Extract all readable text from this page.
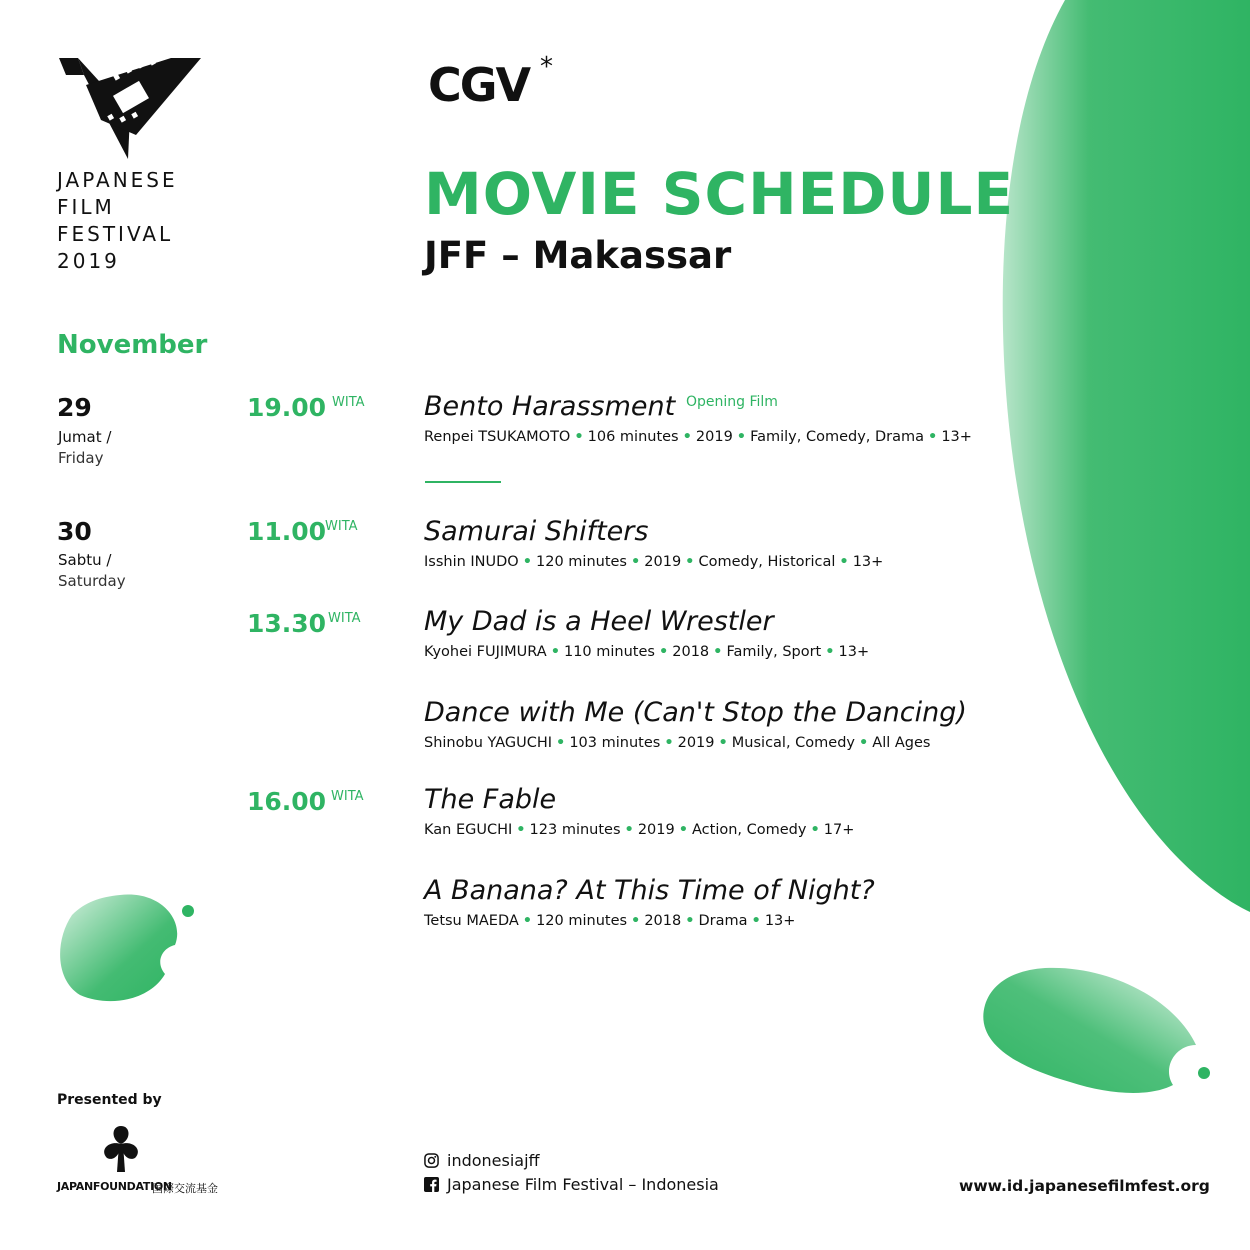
JAPANESE
FILM
FESTIVAL
2019
CGV *
MOVIE SCHEDULE
JFF – Makassar
November
29
Jumat /
Friday
30
Sabtu /
Saturday
19.00 WITA
11.00
WITA
13.30 WITA
16.00 WITA
Bento Harassment Opening Film
Renpei TSUKAMOTO • 106 minutes • 2019 • Family, Comedy, Drama • 13+
Samurai Shifters
Isshin INUDO • 120 minutes • 2019 • Comedy, Historical • 13+
My Dad is a Heel Wrestler
Kyohei FUJIMURA • 110 minutes • 2018 • Family, Sport • 13+
Dance with Me (Can't Stop the Dancing)
Shinobu YAGUCHI • 103 minutes • 2019 • Musical, Comedy • All Ages
The Fable
Kan EGUCHI • 123 minutes • 2019 • Action, Comedy • 17+
A Banana? At This Time of Night?
Tetsu MAEDA • 120 minutes • 2018 • Drama • 13+
Presented by
JAPANFOUNDATION
国際交流基金
indonesiajff
Japanese Film Festival – Indonesia	www.id.japanesefilmfest.org
